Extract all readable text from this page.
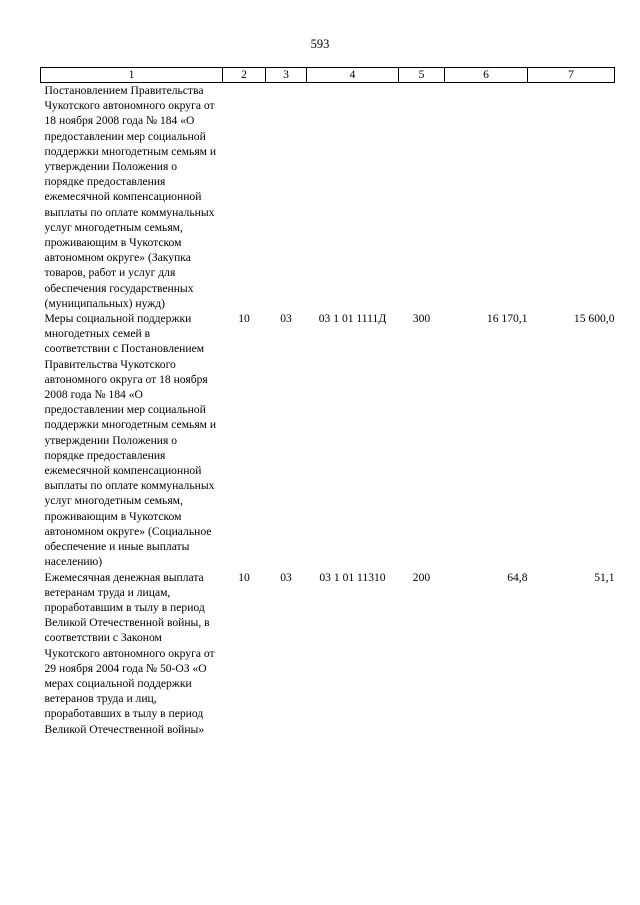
593
1	2	3	4	5	6	7
Постановлением Правительства Чукотского автономного округа от 18 ноября 2008 года № 184 «О предоставлении мер социальной поддержки многодетным семьям и утверждении Положения о порядке предоставления ежемесячной компенсационной выплаты по оплате коммунальных услуг многодетным семьям, проживающим в Чукотском автономном округе» (Закупка товаров, работ и услуг для обеспечения государственных (муниципальных) нужд)						
Меры социальной поддержки многодетных семей в соответствии с Постановлением Правительства Чукотского автономного округа от 18 ноября 2008 года № 184 «О предоставлении мер социальной поддержки многодетным семьям и утверждении Положения о порядке предоставления ежемесячной компенсационной выплаты по оплате коммунальных услуг многодетным семьям, проживающим в Чукотском автономном округе» (Социальное обеспечение и иные выплаты населению)	10	03	03 1 01 1111Д	300	16 170,1	15 600,0
Ежемесячная денежная выплата ветеранам труда и лицам, проработавшим в тылу в период Великой Отечественной войны, в соответствии с Законом Чукотского автономного округа от 29 ноября 2004 года № 50-ОЗ «О мерах социальной поддержки ветеранов труда и лиц, проработавших в тылу в период Великой Отечественной войны»	10	03	03 1 01 11310	200	64,8	51,1
